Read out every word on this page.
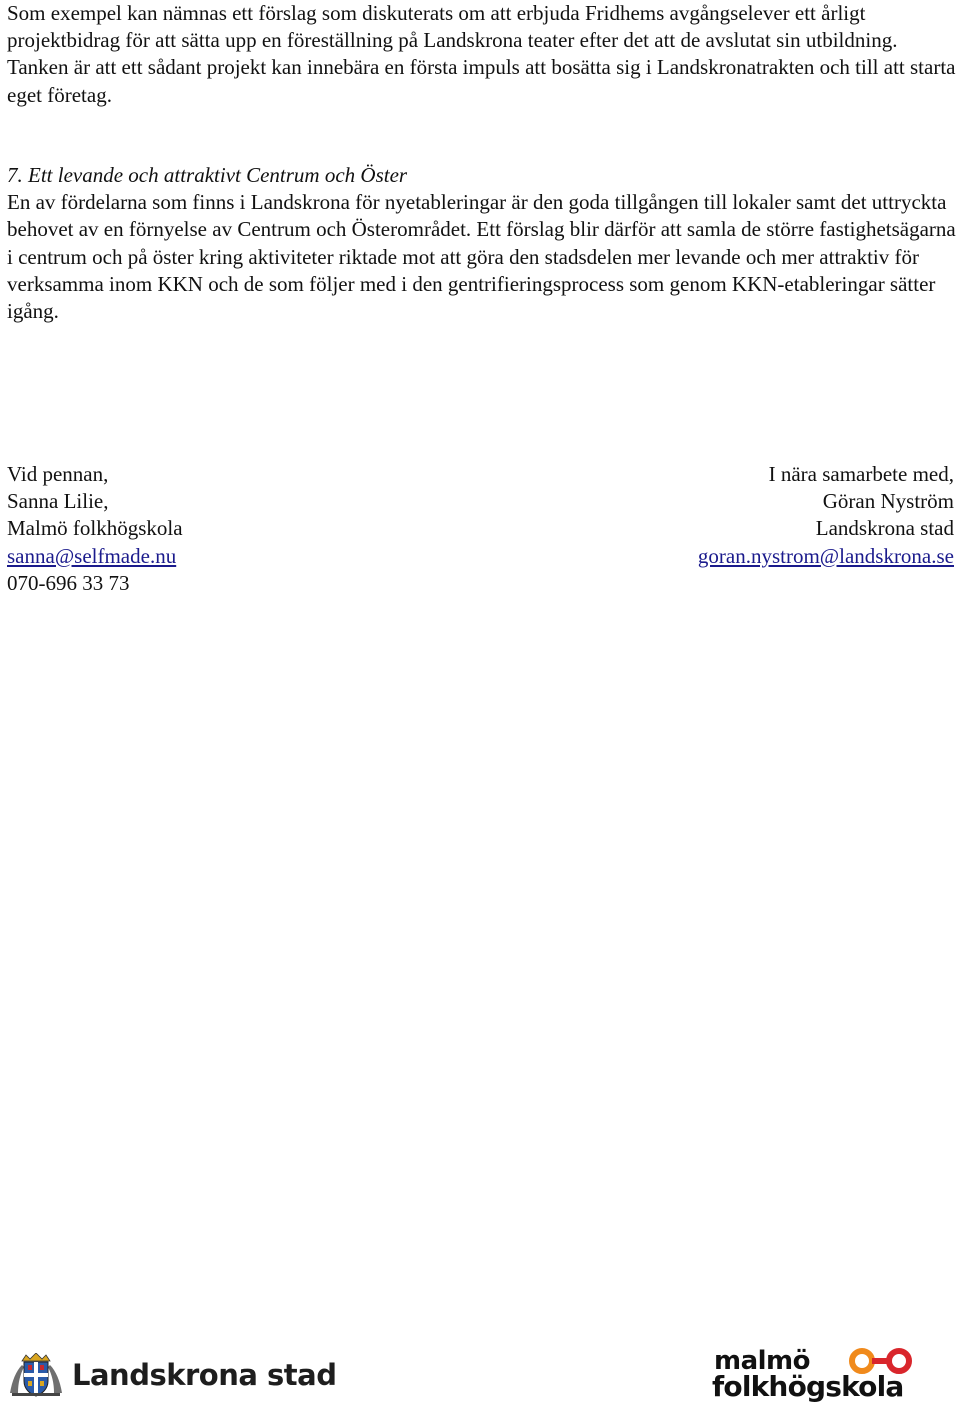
Som exempel kan nämnas ett förslag som diskuterats om att erbjuda Fridhems avgångselever ett årligt projektbidrag för att sätta upp en föreställning på Landskrona teater efter det att de avslutat sin utbildning. Tanken är att ett sådant projekt kan innebära en första impuls att bosätta sig i Landskronatrakten och till att starta eget företag.

7. Ett levande och attraktivt Centrum och Öster
En av fördelarna som finns i Landskrona för nyetableringar är den goda tillgången till lokaler samt det uttryckta behovet av en förnyelse av Centrum och Österområdet. Ett förslag blir därför att samla de större fastighetsägarna i centrum och på öster kring aktiviteter riktade mot att göra den stadsdelen mer levande och mer attraktiv för verksamma inom KKN och de som följer med i den gentrifieringsprocess som genom KKN-etableringar sätter igång.
Vid pennan,
Sanna Lilie,
Malmö folkhögskola
sanna@selfmade.nu
070-696 33 73
I nära samarbete med,
Göran Nyström
Landskrona stad
goran.nystrom@landskrona.se
Landskrona stad	malmö
folkhögskola
